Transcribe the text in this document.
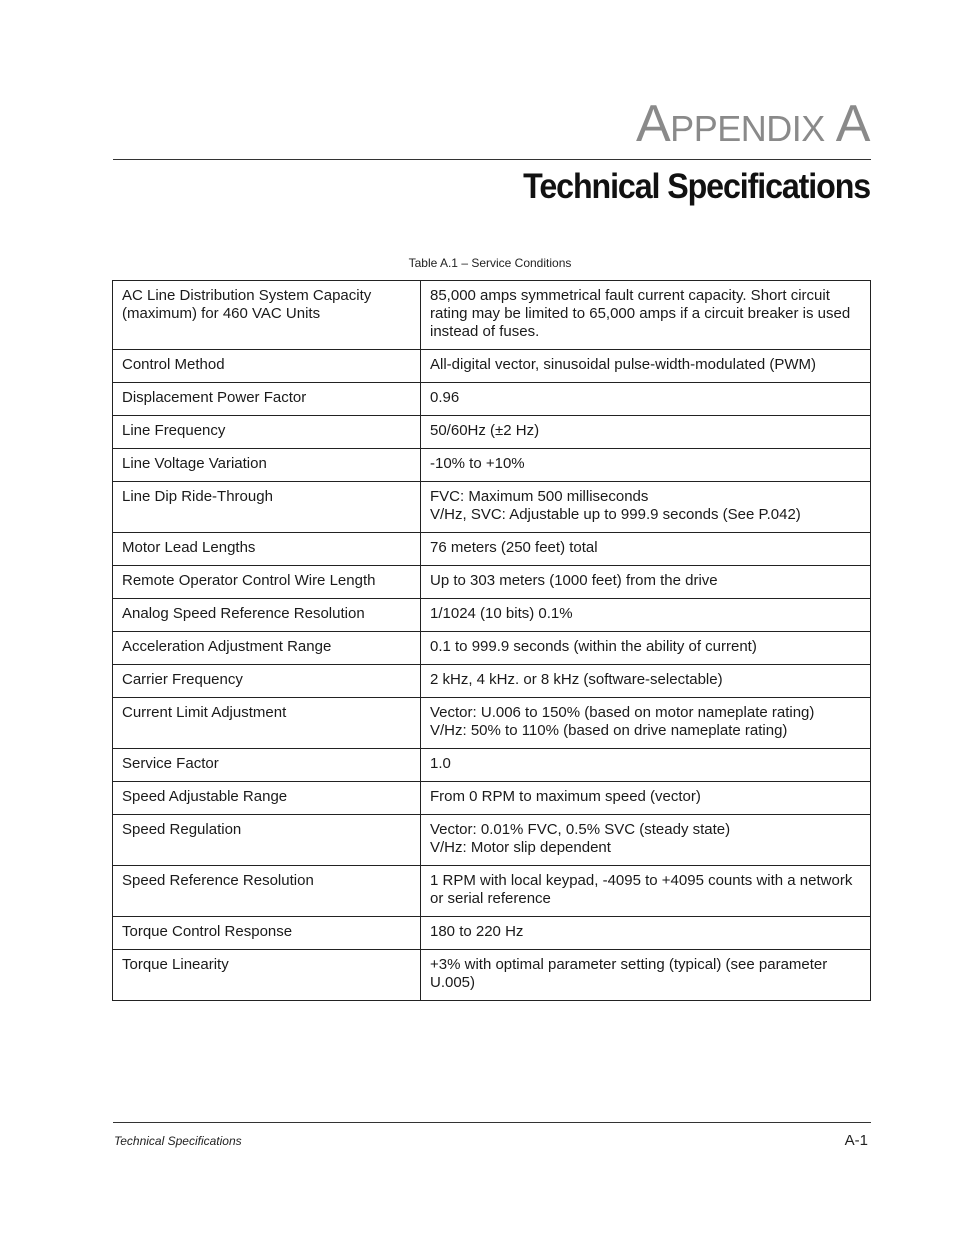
Appendix A
Technical Specifications
Table A.1 – Service Conditions
AC Line Distribution System Capacity (maximum) for 460 VAC Units	85,000 amps symmetrical fault current capacity. Short circuit rating may be limited to 65,000 amps if a circuit breaker is used instead of fuses.
Control Method	All-digital vector, sinusoidal pulse-width-modulated (PWM)
Displacement Power Factor	0.96
Line Frequency	50/60Hz (±2 Hz)
Line Voltage Variation	-10% to +10%
Line Dip Ride-Through	FVC: Maximum 500 milliseconds
V/Hz, SVC: Adjustable up to 999.9 seconds (See P.042)
Motor Lead Lengths	76 meters (250 feet) total
Remote Operator Control Wire Length	Up to 303 meters (1000 feet) from the drive
Analog Speed Reference Resolution	1/1024 (10 bits) 0.1%
Acceleration Adjustment Range	0.1 to 999.9 seconds (within the ability of current)
Carrier Frequency	2 kHz, 4 kHz. or 8 kHz (software-selectable)
Current Limit Adjustment	Vector: U.006 to 150% (based on motor nameplate rating)
V/Hz: 50% to 110% (based on drive nameplate rating)
Service Factor	1.0
Speed Adjustable Range	From 0 RPM to maximum speed (vector)
Speed Regulation	Vector: 0.01% FVC, 0.5% SVC (steady state)
V/Hz: Motor slip dependent
Speed Reference Resolution	1 RPM with local keypad, -4095 to +4095 counts with a network or serial reference
Torque Control Response	180 to 220 Hz
Torque Linearity	+3% with optimal parameter setting (typical) (see parameter U.005)
Technical Specifications	A-1
